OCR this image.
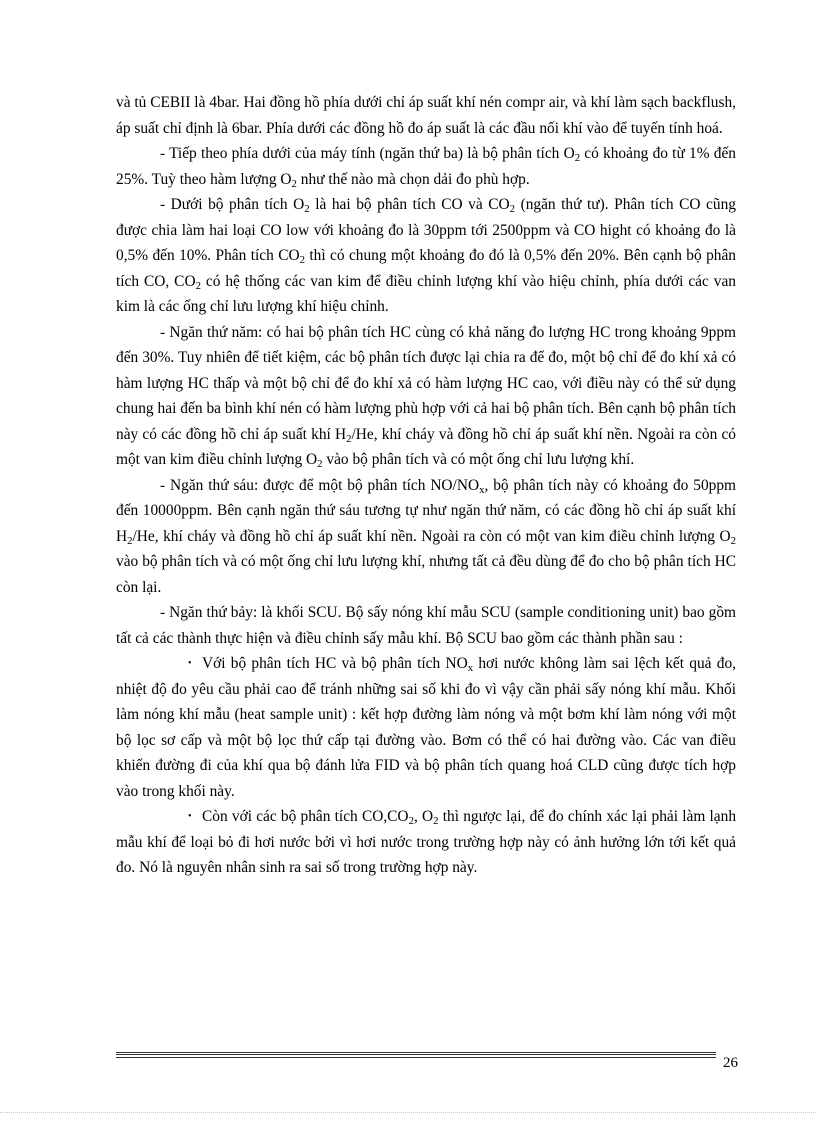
và tủ CEBII là 4bar. Hai đồng hồ phía dưới chỉ áp suất khí nén compr air, và khí làm sạch backflush, áp suất chỉ định là 6bar. Phía dưới các đồng hồ đo áp suất là các đầu nối khí vào để tuyến tính hoá.

- Tiếp theo phía dưới của máy tính (ngăn thứ ba) là bộ phân tích $O_2$ có khoảng đo từ 1% đến 25%. Tuỳ theo hàm lượng $O_2$ như thế nào mà chọn dải đo phù hợp.

- Dưới bộ phân tích $O_2$ là hai bộ phân tích CO và $CO_2$ (ngăn thứ tư). Phân tích CO cũng được chia làm hai loại CO low với khoảng đo là 30ppm tới 2500ppm và CO hight có khoảng đo là 0,5% đến 10%. Phân tích $CO_2$ thì có chung một khoảng đo đó là 0,5% đến 20%. Bên cạnh bộ phân tích CO, $CO_2$ có hệ thống các van kim để điều chỉnh lượng khí vào hiệu chỉnh, phía dưới các van kim là các ống chỉ lưu lượng khí hiệu chỉnh.

- Ngăn thứ năm: có hai bộ phân tích HC cùng có khả năng đo lượng HC trong khoảng 9ppm đến 30%. Tuy nhiên để tiết kiệm, các bộ phân tích được lại chia ra để đo, một bộ chỉ để đo khí xả có hàm lượng HC thấp và một bộ chỉ để đo khí xả có hàm lượng HC cao, với điều này có thể sử dụng chung hai đến ba bình khí nén có hàm lượng phù hợp với cả hai bộ phân tích. Bên cạnh bộ phân tích này có các đồng hồ chỉ áp suất khí $H_2/He$, khí cháy và đồng hồ chỉ áp suất khí nền. Ngoài ra còn có một van kim điều chỉnh lượng $O_2$ vào bộ phân tích và có một ống chỉ lưu lượng khí.

- Ngăn thứ sáu: được để một bộ phân tích $NO/NO_x$, bộ phân tích này có khoảng đo 50ppm đến 10000ppm. Bên cạnh ngăn thứ sáu tương tự như ngăn thứ năm, có các đồng hồ chỉ áp suất khí $H_2/He$, khí cháy và đồng hồ chỉ áp suất khí nền. Ngoài ra còn có một van kim điều chỉnh lượng $O_2$ vào bộ phân tích và có một ống chỉ lưu lượng khí, nhưng tất cả đều dùng để đo cho bộ phân tích HC còn lại.

- Ngăn thứ bảy: là khối SCU. Bộ sấy nóng khí mẫu SCU (sample conditioning unit) bao gồm tất cả các thành thực hiện và điều chỉnh sấy mẫu khí. Bộ SCU bao gồm các thành phần sau :

• Với bộ phân tích HC và bộ phân tích $NO_x$ hơi nước không làm sai lệch kết quả đo, nhiệt độ đo yêu cầu phải cao để tránh những sai số khi đo vì vậy cần phải sấy nóng khí mẫu. Khối làm nóng khí mẫu (heat sample unit) : kết hợp đường làm nóng và một bơm khí làm nóng với một bộ lọc sơ cấp và một bộ lọc thứ cấp tại đường vào. Bơm có thể có hai đường vào. Các van điều khiển đường đi của khí qua bộ đánh lửa FID và bộ phân tích quang hoá CLD cũng được tích hợp vào trong khối này.

• Còn với các bộ phân tích $CO,CO_2$, $O_2$ thì ngược lại, để đo chính xác lại phải làm lạnh mẫu khí để loại bỏ đi hơi nước bởi vì hơi nước trong trường hợp này có ảnh hưởng lớn tới kết quả đo. Nó là nguyên nhân sinh ra sai số trong trường hợp này.

26
